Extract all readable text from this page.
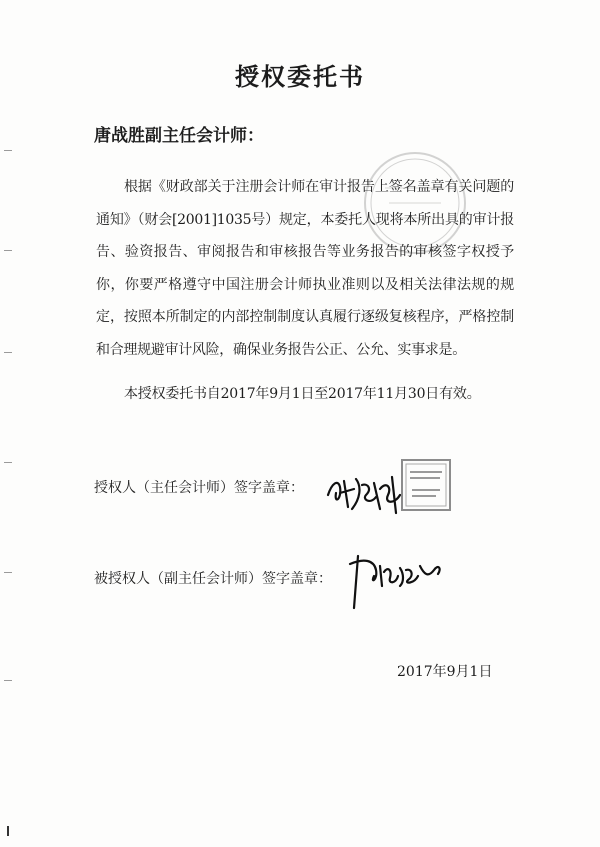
授权委托书
唐战胜副主任会计师：
根据《财政部关于注册会计师在审计报告上签名盖章有关问题的通知》（财会[2001]1035号）规定，本委托人现将本所出具的审计报告、验资报告、审阅报告和审核报告等业务报告的审核签字权授予你，你要严格遵守中国注册会计师执业准则以及相关法律法规的规定，按照本所制定的内部控制制度认真履行逐级复核程序，严格控制和合理规避审计风险，确保业务报告公正、公允、实事求是。
本授权委托书自2017年9月1日至2017年11月30日有效。
授权人（主任会计师）签字盖章：
被授权人（副主任会计师）签字盖章：
2017年9月1日
